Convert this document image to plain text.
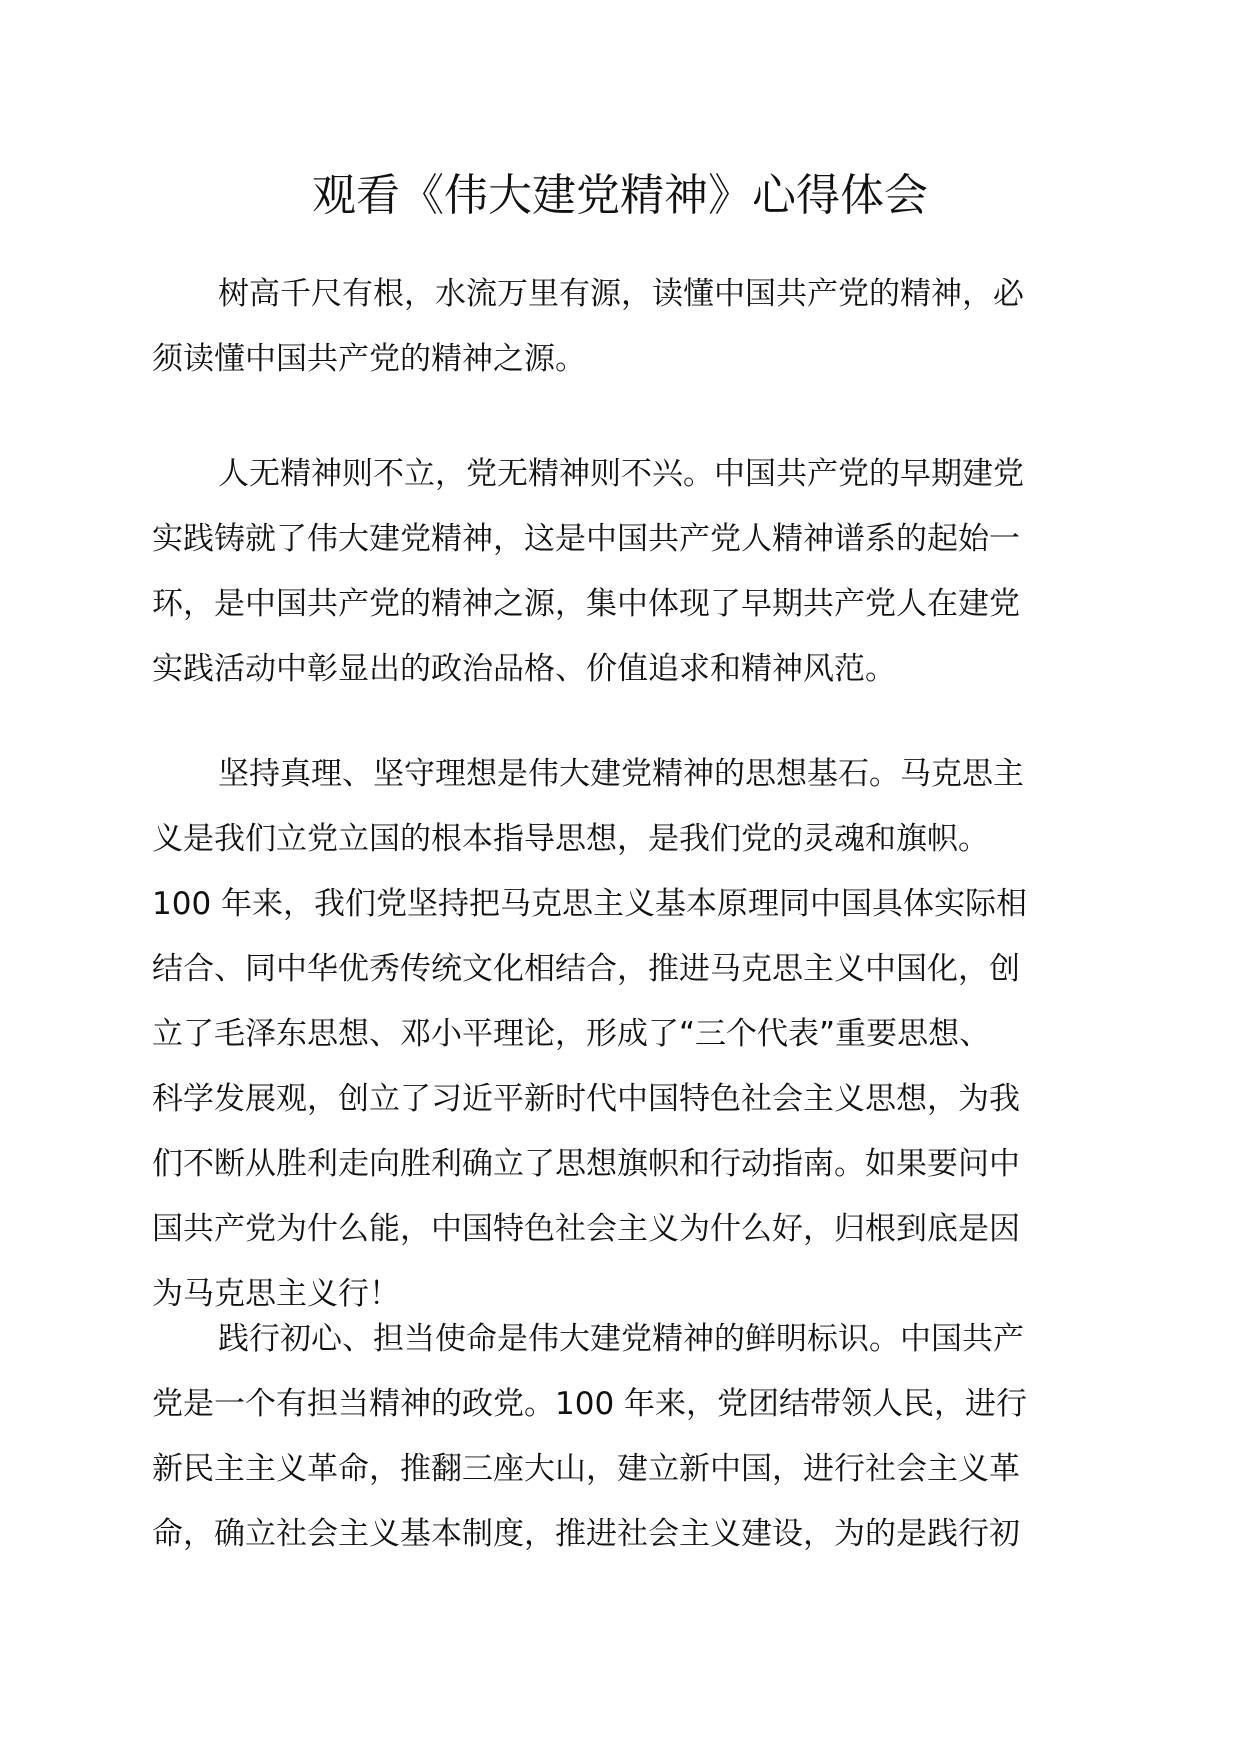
观看《伟大建党精神》心得体会
树高千尺有根，水流万里有源，读懂中国共产党的精神，必
须读懂中国共产党的精神之源。
人无精神则不立，党无精神则不兴。中国共产党的早期建党
实践铸就了伟大建党精神，这是中国共产党人精神谱系的起始一
环，是中国共产党的精神之源，集中体现了早期共产党人在建党
实践活动中彰显出的政治品格、价值追求和精神风范。
坚持真理、坚守理想是伟大建党精神的思想基石。马克思主
义是我们立党立国的根本指导思想，是我们党的灵魂和旗帜。
100 年来，我们党坚持把马克思主义基本原理同中国具体实际相
结合、同中华优秀传统文化相结合，推进马克思主义中国化，创
立了毛泽东思想、邓小平理论，形成了“三个代表”重要思想、
科学发展观，创立了习近平新时代中国特色社会主义思想，为我
们不断从胜利走向胜利确立了思想旗帜和行动指南。如果要问中
国共产党为什么能，中国特色社会主义为什么好，归根到底是因
为马克思主义行！
践行初心、担当使命是伟大建党精神的鲜明标识。中国共产
党是一个有担当精神的政党。100 年来，党团结带领人民，进行
新民主主义革命，推翻三座大山，建立新中国，进行社会主义革
命，确立社会主义基本制度，推进社会主义建设，为的是践行初
